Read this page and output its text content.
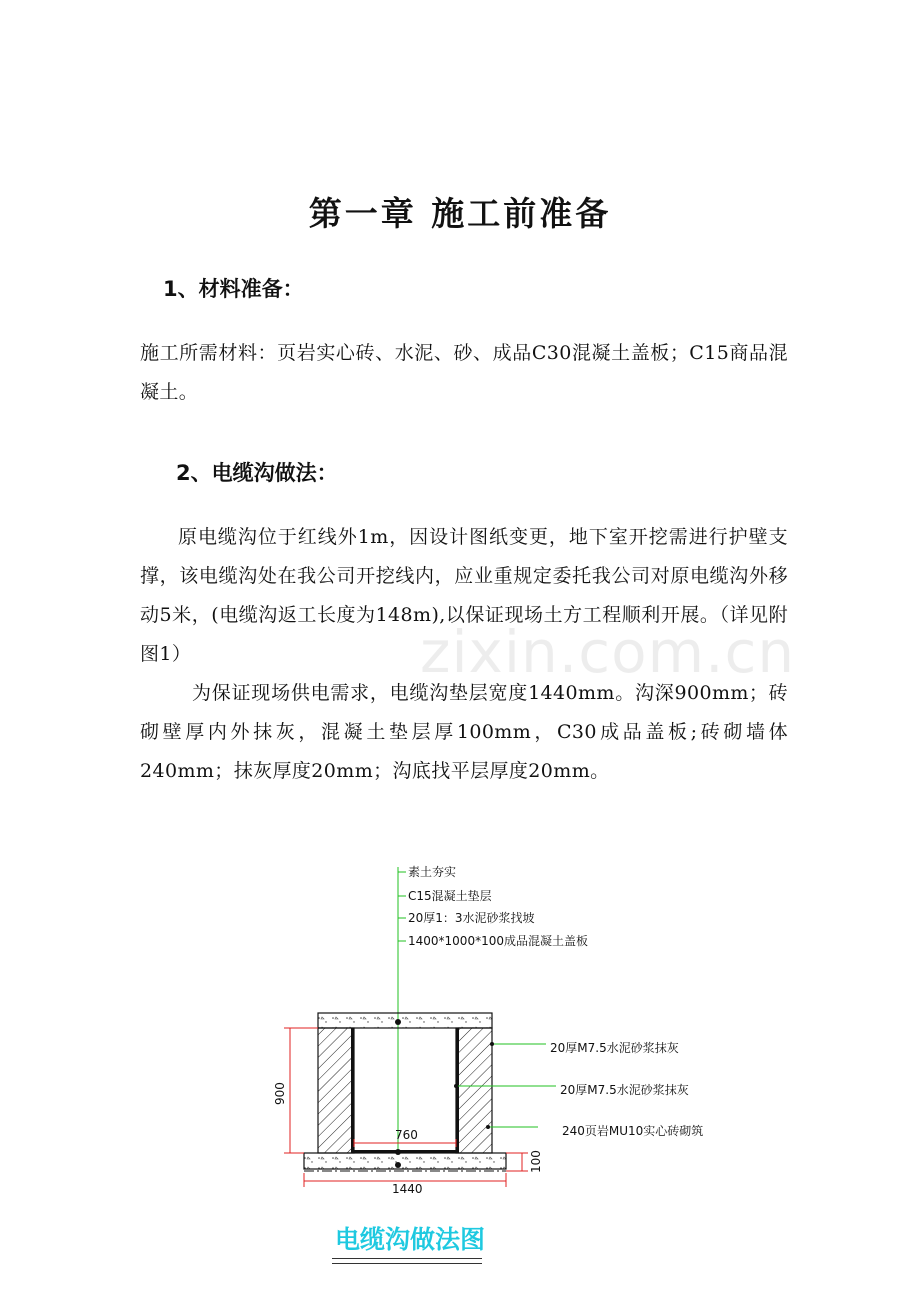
第一章 施工前准备
1、材料准备：

施工所需材料：页岩实心砖、水泥、砂、成品C30混凝土盖板；C15商品混凝土。

2、电缆沟做法：

原电缆沟位于红线外1m，因设计图纸变更，地下室开挖需进行护壁支撑，该电缆沟处在我公司开挖线内，应业重规定委托我公司对原电缆沟外移动5米，(电缆沟返工长度为148m),以保证现场土方工程顺利开展。（详见附图1）

为保证现场供电需求，电缆沟垫层宽度1440mm。沟深900mm；砖砌壁厚内外抹灰，混凝土垫层厚100mm，C30成品盖板;砖砌墙体240mm；抹灰厚度20mm；沟底找平层厚度20mm。

zixin.com.cn
素土夯实
C15混凝土垫层
20厚1：3水泥砂浆找坡
1400*1000*100成品混凝土盖板
760
900
100
1440
20厚M7.5水泥砂浆抹灰
20厚M7.5水泥砂浆抹灰
240页岩MU10实心砖砌筑
电缆沟做法图
